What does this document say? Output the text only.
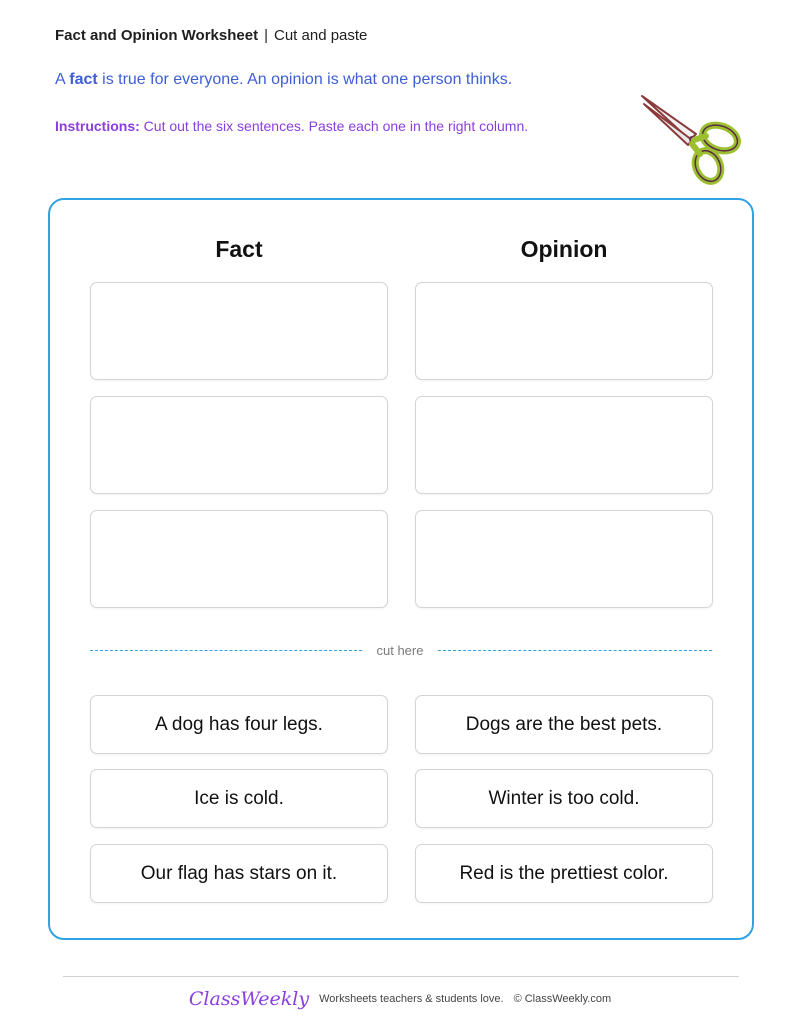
Fact and Opinion Worksheet | Cut and paste
A fact is true for everyone. An opinion is what one person thinks.
Instructions: Cut out the six sentences. Paste each one in the right column.
Fact	Opinion
cut here
A dog has four legs.	Dogs are the best pets.
Ice is cold.	Winter is too cold.
Our flag has stars on it.	Red is the prettiest color.
ClassWeekly Worksheets teachers & students love. © ClassWeekly.com
